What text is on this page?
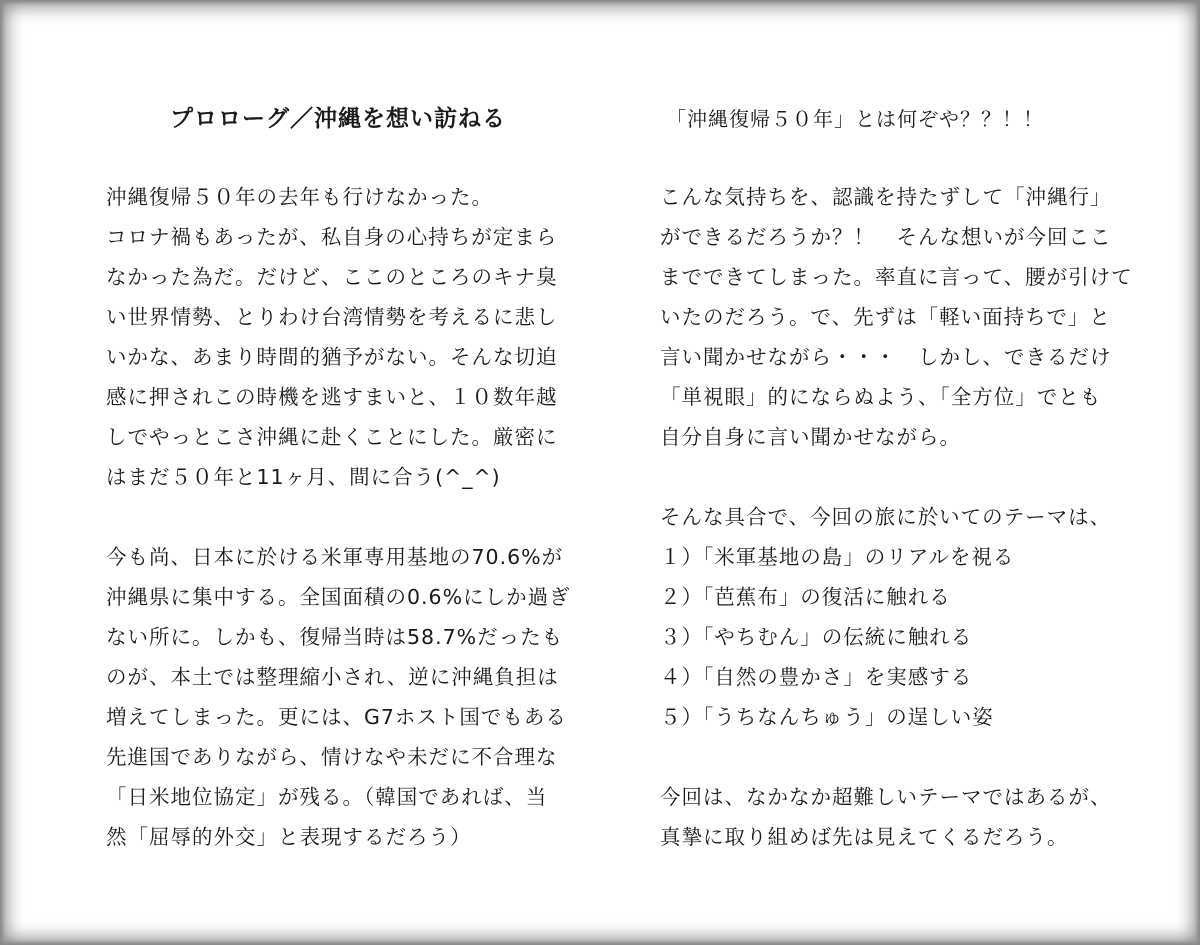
プロローグ／沖縄を想い訪ねる
沖縄復帰５０年の去年も行けなかった。
コロナ禍もあったが、私自身の心持ちが定まら
なかった為だ。だけど、ここのところのキナ臭
い世界情勢、とりわけ台湾情勢を考えるに悲し
いかな、あまり時間的猶予がない。そんな切迫
感に押されこの時機を逃すまいと、１０数年越
しでやっとこさ沖縄に赴くことにした。厳密に
はまだ５０年と11ヶ月、間に合う(^_^)
今も尚、日本に於ける米軍専用基地の70.6%が
沖縄県に集中する。全国面積の0.6%にしか過ぎ
ない所に。しかも、復帰当時は58.7%だったも
のが、本土では整理縮小され、逆に沖縄負担は
増えてしまった。更には、G7ホスト国でもある
先進国でありながら、情けなや未だに不合理な
「日米地位協定」が残る。（韓国であれば、当
然「屈辱的外交」と表現するだろう）
「沖縄復帰５０年」とは何ぞや？？！！
こんな気持ちを、認識を持たずして「沖縄行」
ができるだろうか？！　そんな想いが今回ここ
までできてしまった。率直に言って、腰が引けて
いたのだろう。で、先ずは「軽い面持ちで」と
言い聞かせながら・・・　しかし、できるだけ
「単視眼」的にならぬよう、「全方位」でとも
自分自身に言い聞かせながら。
そんな具合で、今回の旅に於いてのテーマは、
１）「米軍基地の島」のリアルを視る
２）「芭蕉布」の復活に触れる
３）「やちむん」の伝統に触れる
４）「自然の豊かさ」を実感する
５）「うちなんちゅう」の逞しい姿
今回は、なかなか超難しいテーマではあるが、
真摯に取り組めば先は見えてくるだろう。
